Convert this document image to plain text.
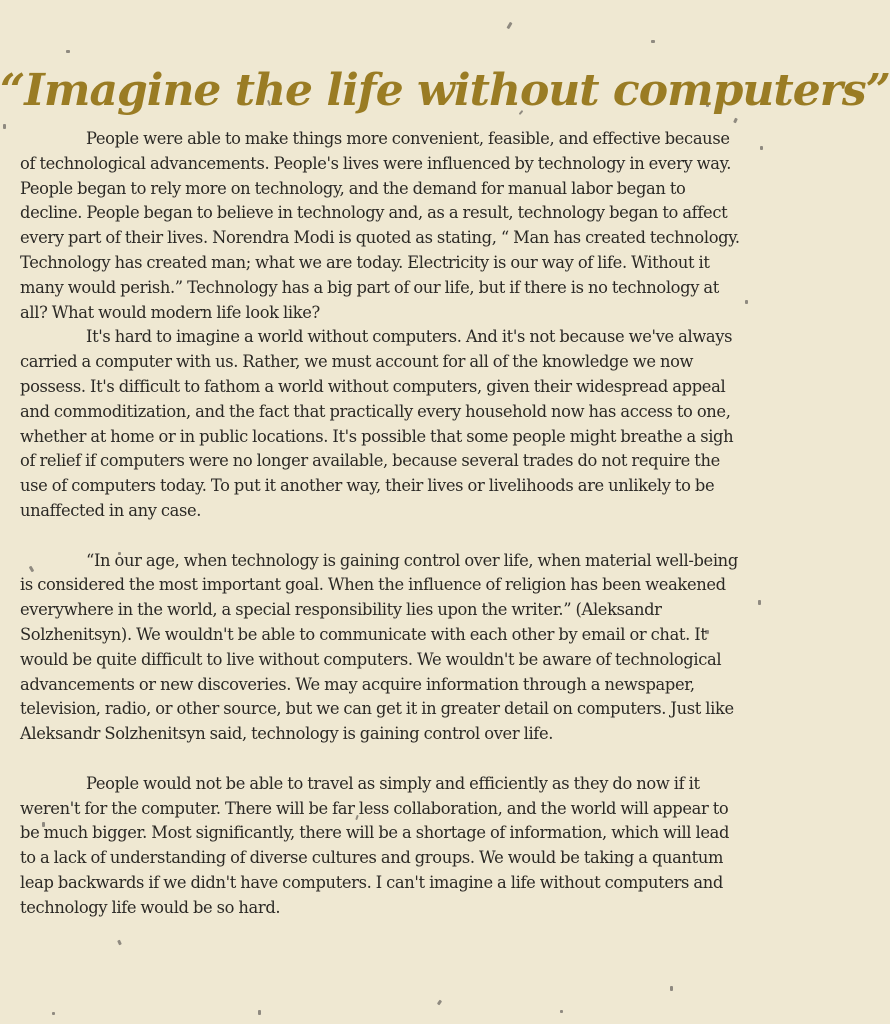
“Imagine the life without computers”

People were able to make things more convenient, feasible, and effective because of technological advancements. People's lives were influenced by technology in every way. People began to rely more on technology, and the demand for manual labor began to decline. People began to believe in technology and, as a result, technology began to affect every part of their lives. Norendra Modi is quoted as stating, “ Man has created technology. Technology has created man; what we are today. Electricity is our way of life. Without it many would perish.” Technology has a big part of our life, but if there is no technology at all? What would modern life look like?

It's hard to imagine a world without computers. And it's not because we've always carried a computer with us. Rather, we must account for all of the knowledge we now possess. It's difficult to fathom a world without computers, given their widespread appeal and commoditization, and the fact that practically every household now has access to one, whether at home or in public locations. It's possible that some people might breathe a sigh of relief if computers were no longer available, because several trades do not require the use of computers today. To put it another way, their lives or livelihoods are unlikely to be unaffected in any case.

“In our age, when technology is gaining control over life, when material well-being is considered the most important goal. When the influence of religion has been weakened everywhere in the world, a special responsibility lies upon the writer.” (Aleksandr Solzhenitsyn). We wouldn't be able to communicate with each other by email or chat. It would be quite difficult to live without computers. We wouldn't be aware of technological advancements or new discoveries. We may acquire information through a newspaper, television, radio, or other source, but we can get it in greater detail on computers. Just like Aleksandr Solzhenitsyn said, technology is gaining control over life.

People would not be able to travel as simply and efficiently as they do now if it weren't for the computer. There will be far less collaboration, and the world will appear to be much bigger. Most significantly, there will be a shortage of information, which will lead to a lack of understanding of diverse cultures and groups. We would be taking a quantum leap backwards if we didn't have computers. I can't imagine a life without computers and technology life would be so hard.
